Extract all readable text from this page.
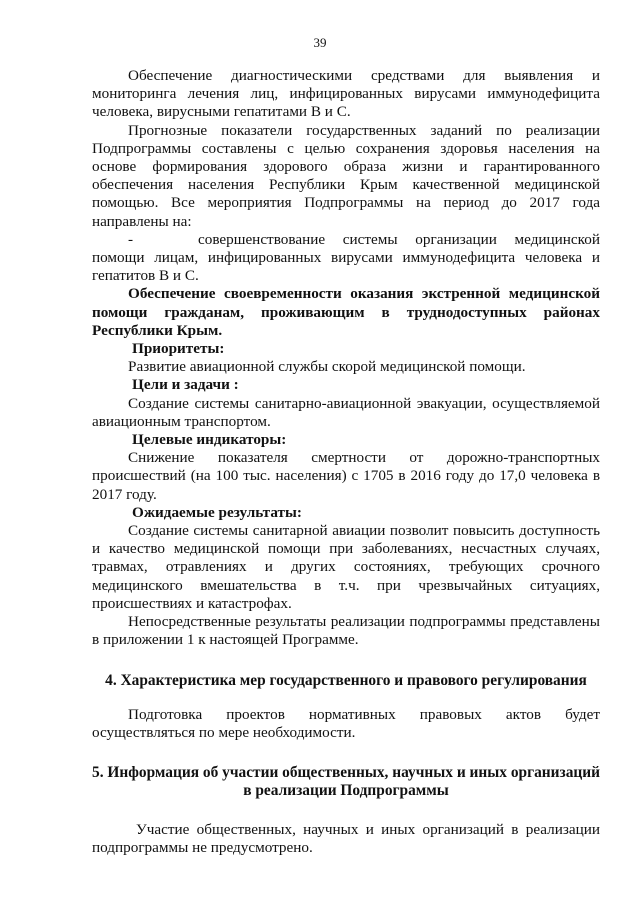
39

Обеспечение диагностическими средствами для выявления и мониторинга лечения лиц, инфицированных вирусами иммунодефицита человека, вирусными гепатитами В и С.

Прогнозные показатели государственных заданий по реализации Подпрограммы составлены с целью сохранения здоровья населения на основе формирования здорового образа жизни и гарантированного обеспечения населения Республики Крым качественной медицинской помощью. Все мероприятия Подпрограммы на период до 2017 года направлены на:

-	совершенствование системы организации медицинской помощи лицам, инфицированных вирусами иммунодефицита человека и гепатитов В и С.

Обеспечение своевременности оказания экстренной медицинской помощи гражданам, проживающим в труднодоступных районах Республики Крым.

Приоритеты:

Развитие авиационной службы скорой медицинской помощи.

Цели и задачи :

Создание системы санитарно-авиационной эвакуации, осуществляемой авиационным транспортом.

Целевые индикаторы:

Снижение показателя смертности от дорожно-транспортных происшествий (на 100 тыс. населения) с 1705 в 2016 году до 17,0 человека в 2017 году.

Ожидаемые результаты:

Создание системы санитарной авиации позволит повысить доступность и качество медицинской помощи при заболеваниях, несчастных случаях, травмах, отравлениях и других состояниях, требующих срочного медицинского вмешательства в т.ч. при чрезвычайных ситуациях, происшествиях и катастрофах.

Непосредственные результаты реализации подпрограммы представлены в приложении 1 к настоящей Программе.

4. Характеристика мер государственного и правового регулирования

Подготовка проектов нормативных правовых актов будет осуществляться по мере необходимости.

5. Информация об участии общественных, научных и иных организаций
в реализации Подпрограммы

Участие общественных, научных и иных организаций в реализации подпрограммы не предусмотрено.
